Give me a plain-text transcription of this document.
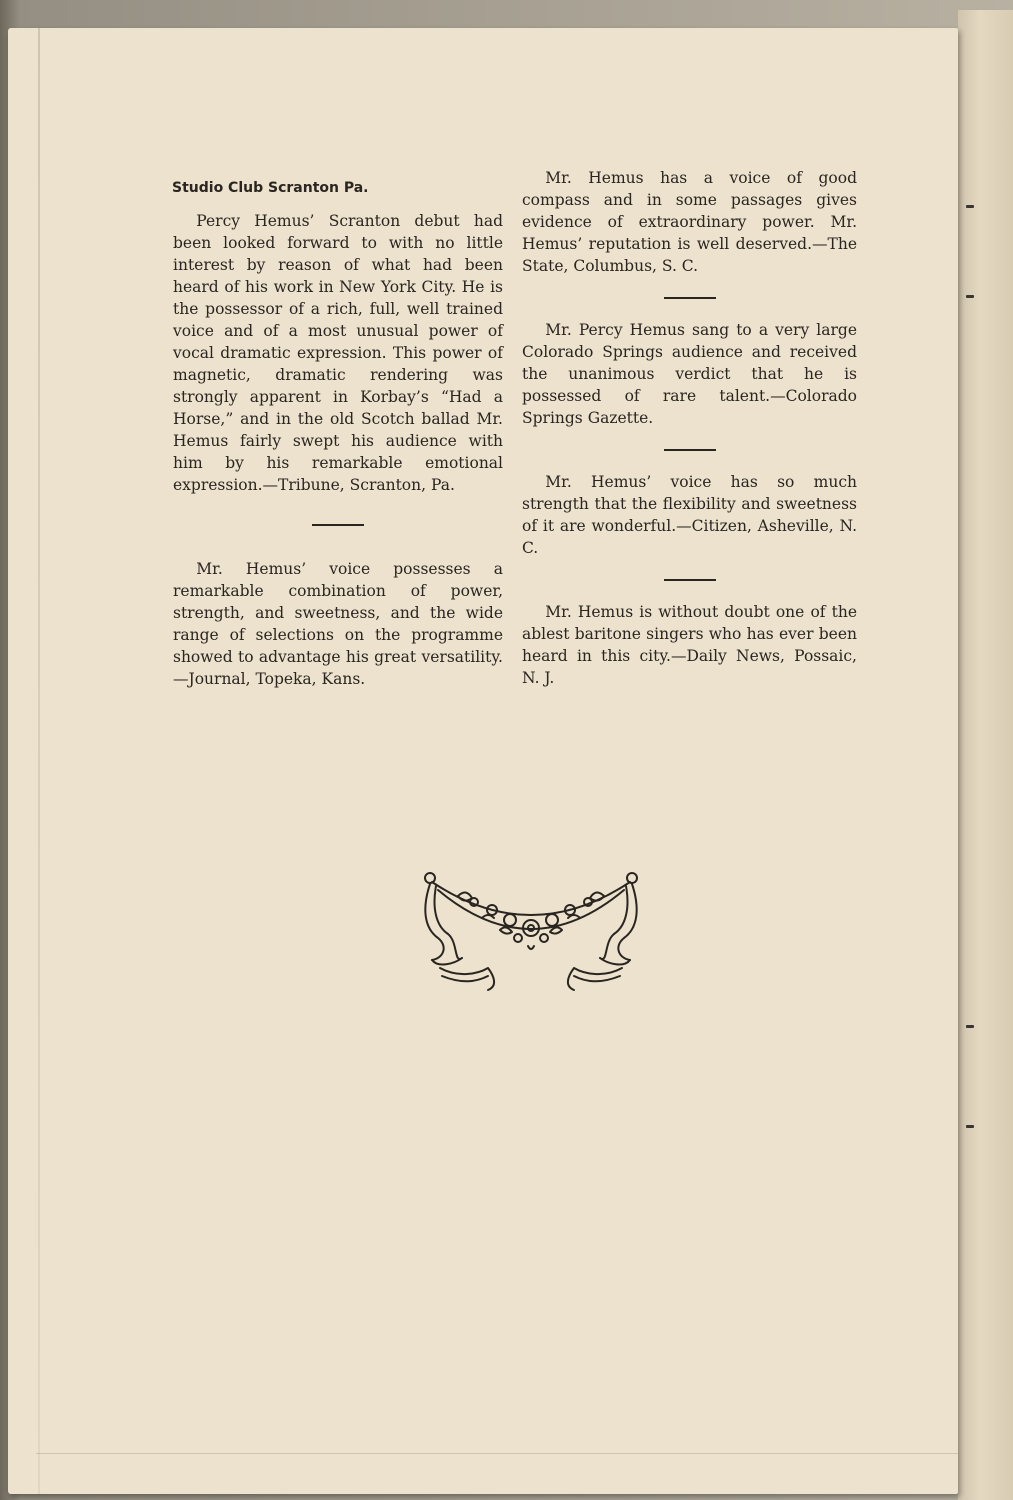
Studio Club Scranton Pa.

Percy Hemus’ Scranton debut had been looked forward to with no little interest by reason of what had been heard of his work in New York City. He is the possessor of a rich, full, well trained voice and of a most unusual power of vocal dramatic expression. This power of magnetic, dramatic rendering was strongly apparent in Korbay’s “Had a Horse,” and in the old Scotch ballad Mr. Hemus fairly swept his audience with him by his remarkable emotional expression.—Tribune, Scranton, Pa.

Mr. Hemus’ voice possesses a remarkable combination of power, strength, and sweetness, and the wide range of selections on the programme showed to advantage his great versatility.—Journal, Topeka, Kans.

Mr. Hemus has a voice of good compass and in some passages gives evidence of extraordinary power. Mr. Hemus’ reputation is well deserved.—The State, Columbus, S. C.

Mr. Percy Hemus sang to a very large Colorado Springs audience and received the unanimous verdict that he is possessed of rare talent.—Colorado Springs Gazette.

Mr. Hemus’ voice has so much strength that the flexibility and sweetness of it are wonderful.—Citizen, Asheville, N. C.

Mr. Hemus is without doubt one of the ablest baritone singers who has ever been heard in this city.—Daily News, Possaic, N. J.
